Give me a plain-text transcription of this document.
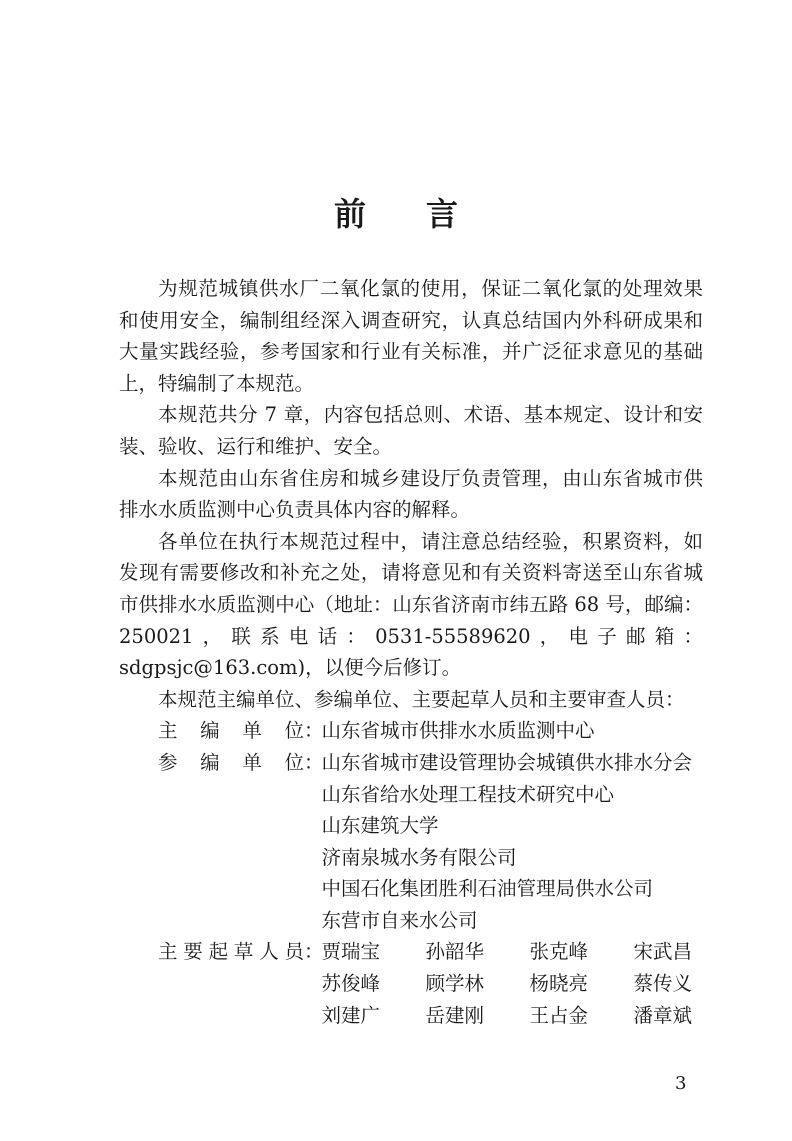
前言

为规范城镇供水厂二氧化氯的使用，保证二氧化氯的处理效果和使用安全，编制组经深入调查研究，认真总结国内外科研成果和大量实践经验，参考国家和行业有关标准，并广泛征求意见的基础上，特编制了本规范。

本规范共分 7 章，内容包括总则、术语、基本规定、设计和安装、验收、运行和维护、安全。

本规范由山东省住房和城乡建设厅负责管理，由山东省城市供排水水质监测中心负责具体内容的解释。

各单位在执行本规范过程中，请注意总结经验，积累资料，如发现有需要修改和补充之处，请将意见和有关资料寄送至山东省城市供排水水质监测中心（地址：山东省济南市纬五路 68 号，邮编：250021，联系电话：0531-55589620，电子邮箱：sdgpsjc@163.com)，以便今后修订。

本规范主编单位、参编单位、主要起草人员和主要审查人员：

主编单位 ：
山东省城市供排水水质监测中心
参编单位 ：
山东省城市建设管理协会城镇供水排水分会
山东省给水处理工程技术研究中心
山东建筑大学
济南泉城水务有限公司
中国石化集团胜利石油管理局供水公司
东营市自来水公司
主要起草人员 ：
贾瑞宝	孙韶华	张克峰	宋武昌
苏俊峰	顾学林	杨晓亮	蔡传义
刘建广	岳建刚	王占金	潘章斌
3
